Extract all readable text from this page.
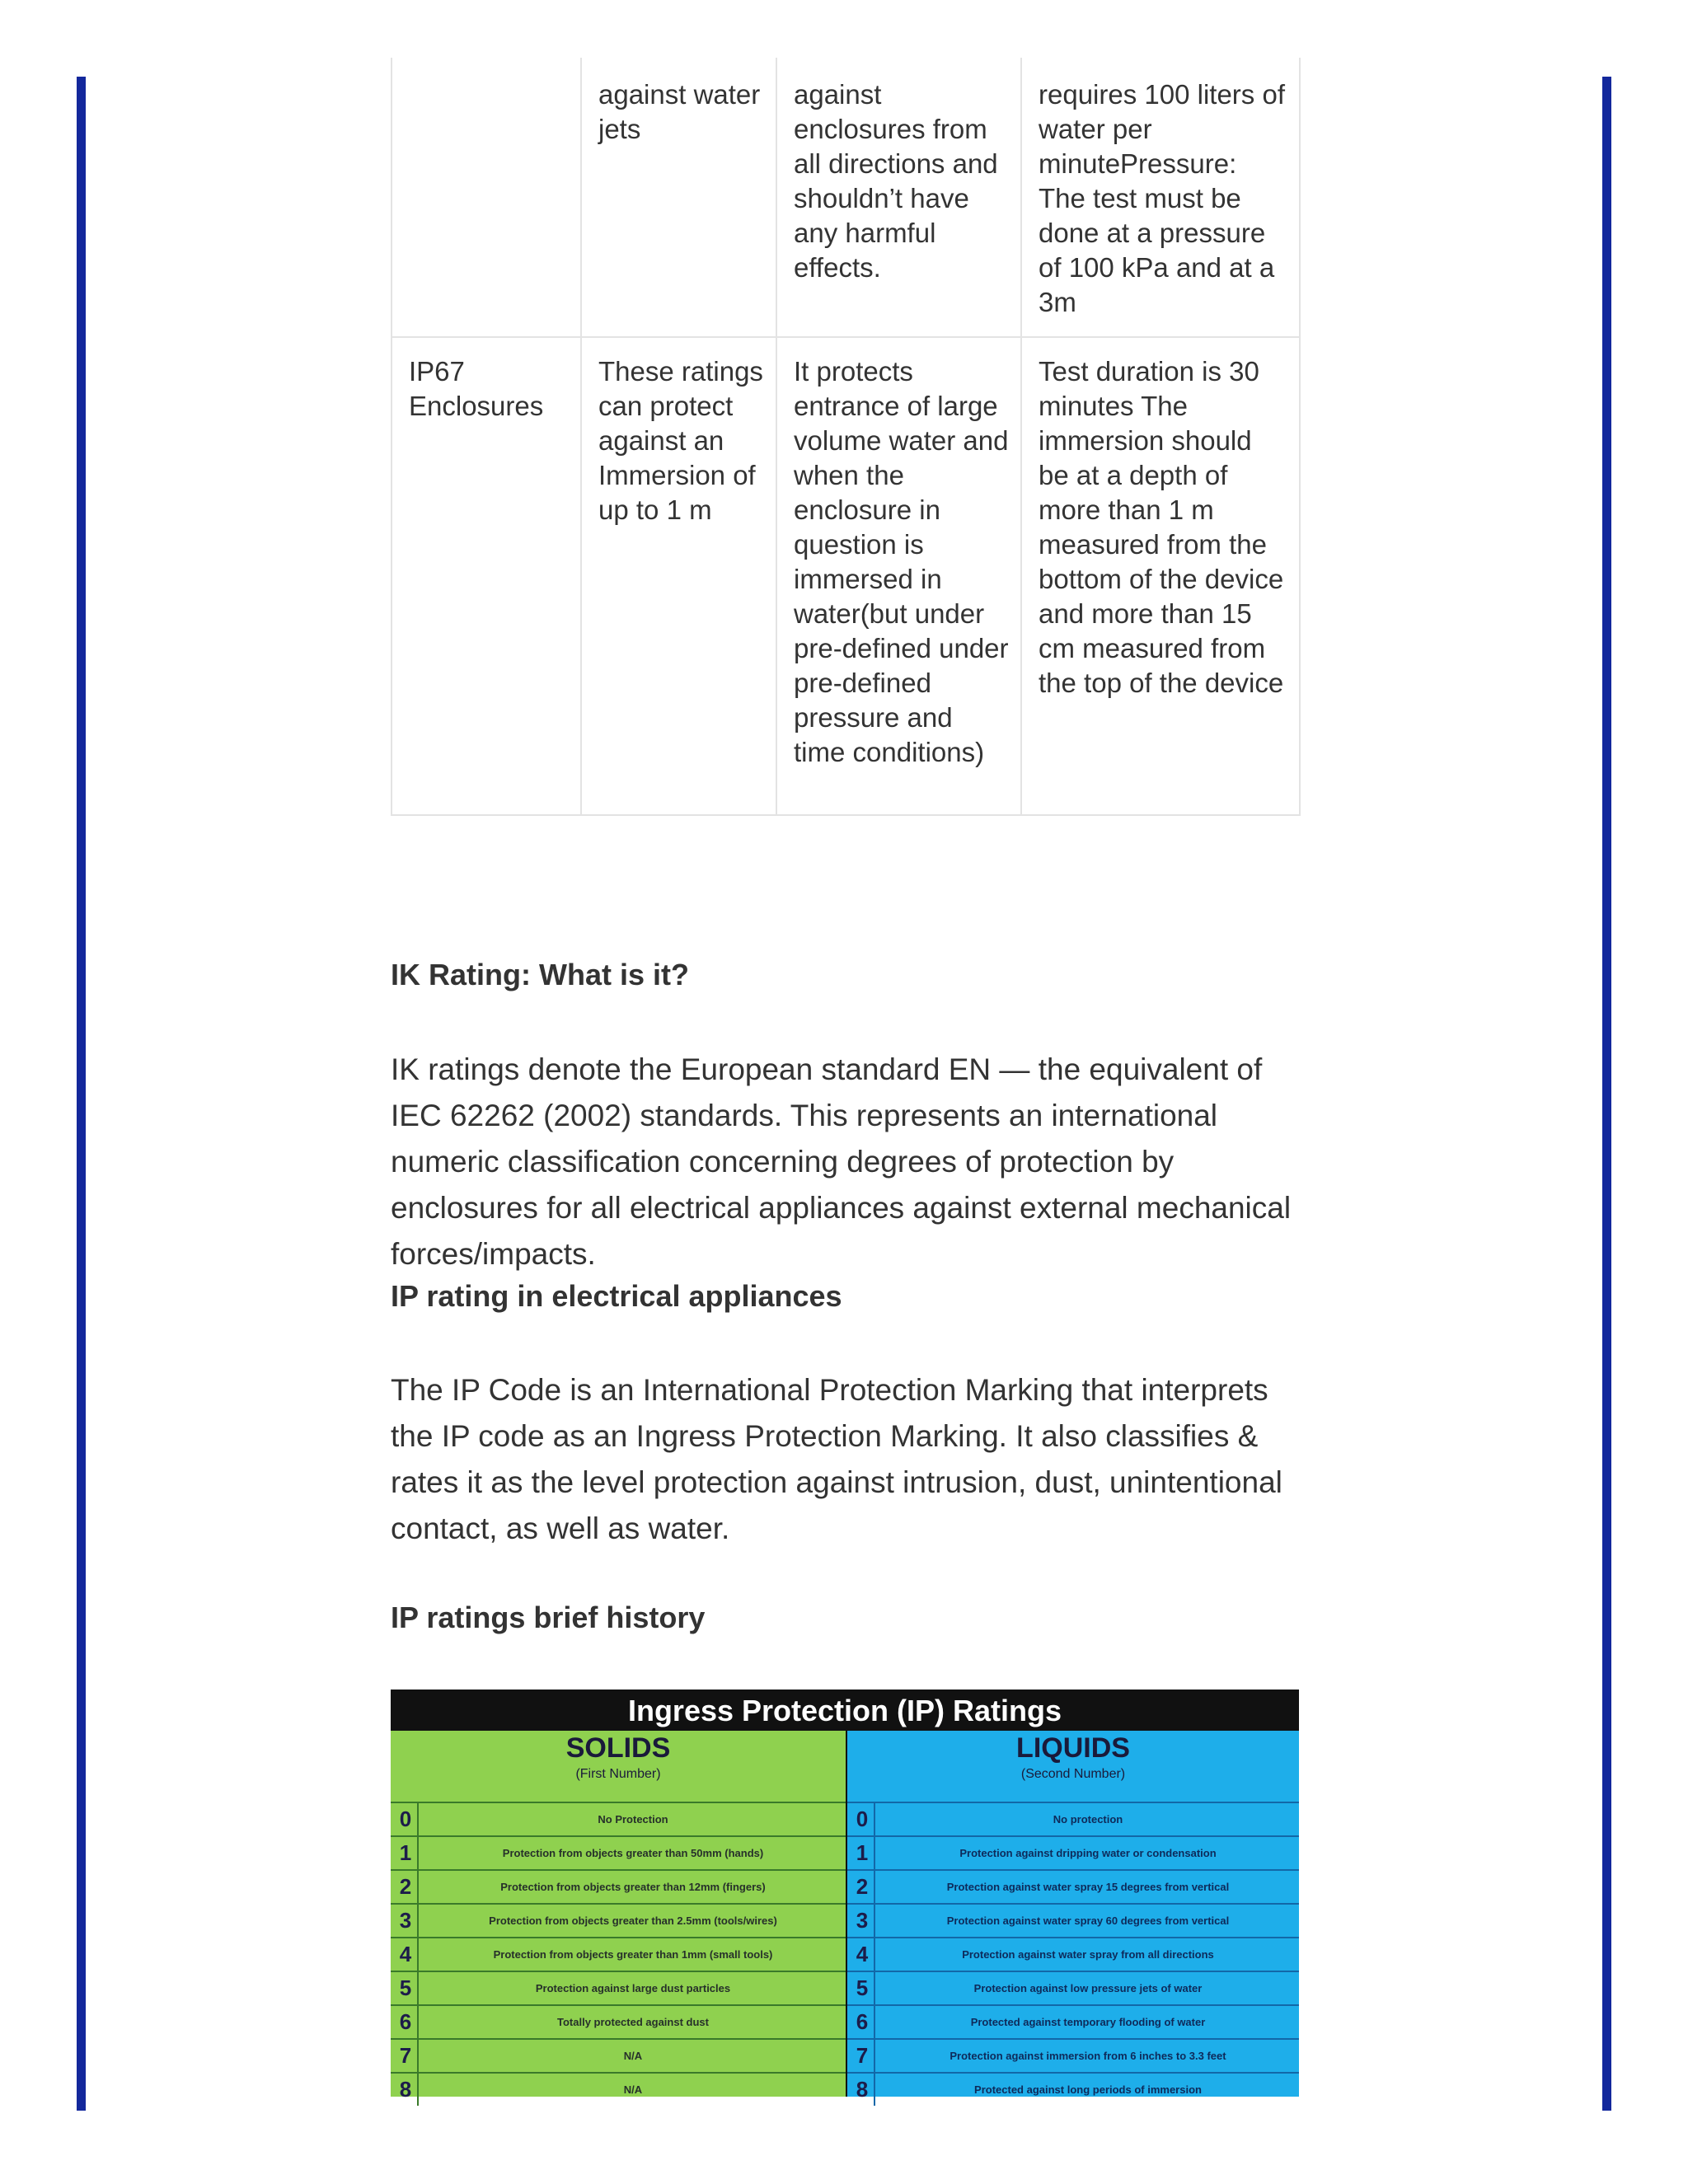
	against water jets	against enclosures from all directions and shouldn’t have any harmful effects.	requires 100 liters of water per minutePressure: The test must be done at a pressure of 100 kPa and at a 3m
IP67 Enclosures	These ratings can protect against an Immersion of up to 1 m	It protects entrance of large volume water and when the enclosure in question is immersed in water(but under pre-defined under pre-defined pressure and time conditions)	Test duration is 30 minutes The immersion should be at a depth of more than 1 m measured from the bottom of the device and more than 15 cm measured from the top of the device
IK Rating: What is it?

IK ratings denote the European standard EN — the equivalent of IEC 62262 (2002) standards. This represents an international numeric classification concerning degrees of protection by enclosures for all electrical appliances against external mechanical forces/impacts.

IP rating in electrical appliances

The IP Code is an International Protection Marking that interprets the IP code as an Ingress Protection Marking. It also classifies & rates it as the level protection against intrusion, dust, unintentional contact, as well as water.

IP ratings brief history
Ingress Protection (IP) Ratings
SOLIDS
(First Number)
0	No Protection
1	Protection from objects greater than 50mm (hands)
2	Protection from objects greater than 12mm (fingers)
3	Protection from objects greater than 2.5mm (tools/wires)
4	Protection from objects greater than 1mm (small tools)
5	Protection against large dust particles
6	Totally protected against dust
7	N/A
8	N/A
LIQUIDS
(Second Number)
0	No protection
1	Protection against dripping water or condensation
2	Protection against water spray 15 degrees from vertical
3	Protection against water spray 60 degrees from vertical
4	Protection against water spray from all directions
5	Protection against low pressure jets of water
6	Protected against temporary flooding of water
7	Protection against immersion from 6 inches to 3.3 feet
8	Protected against long periods of immersion
